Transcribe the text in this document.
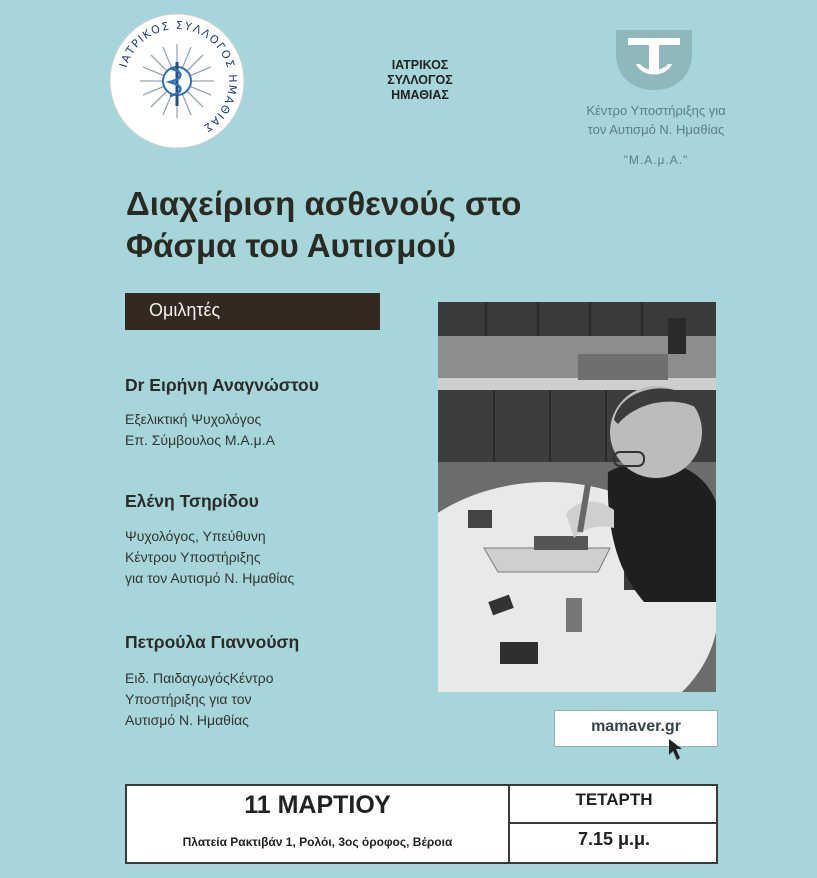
ΙΑΤΡΙΚΟΣ ΣΥΛΛΟΓΟΣ ΗΜΑΘΙΑΣ
ΙΑΤΡΙΚΟΣ
ΣΥΛΛΟΓΟΣ
ΗΜΑΘΙΑΣ
Κέντρο Υποστήριξης για
τον Αυτισμό Ν. Ημαθίας
"Μ.Α.μ.Α."
Διαχείριση ασθενούς στο
Φάσμα του Αυτισμού
Ομιλητές
Dr Ειρήνη Αναγνώστου
Εξελικτική Ψυχολόγος
Επ. Σύμβουλος Μ.Α.μ.Α
Ελένη Τσηρίδου
Ψυχολόγος, Υπεύθυνη
Κέντρου Υποστήριξης
για τον Αυτισμό Ν. Ημαθίας
Πετρούλα Γιαννούση
Ειδ. ΠαιδαγωγόςΚέντρο
Υποστήριξης για τον
Αυτισμό Ν. Ημαθίας	mamaver.gr
11 ΜΑΡΤΙΟΥ
Πλατεία Ρακτιβάν 1, Ρολόι, 3ος όροφος, Βέροια
ΤΕΤΑΡΤΗ
7.15 μ.μ.
